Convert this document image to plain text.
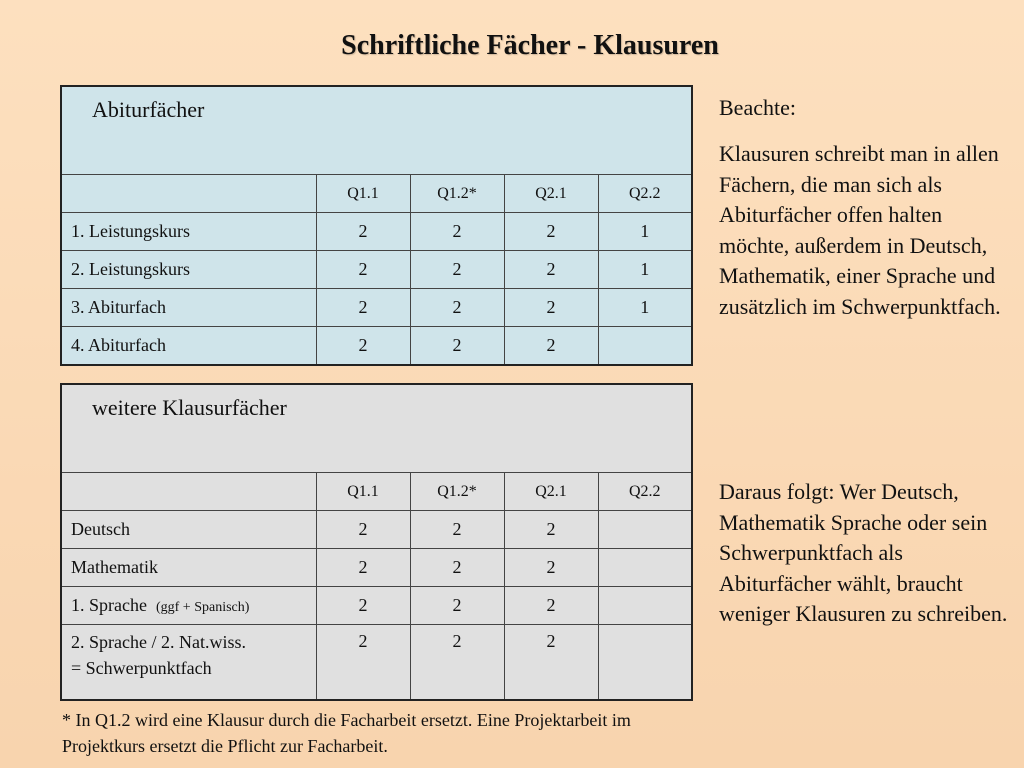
Schriftliche Fächer - Klausuren
Abiturfächer				
	Q1.1	Q1.2*	Q2.1	Q2.2
1. Leistungskurs	2	2	2	1
2. Leistungskurs	2	2	2	1
3. Abiturfach	2	2	2	1
4. Abiturfach	2	2	2	
weitere Klausurfächer				
	Q1.1	Q1.2*	Q2.1	Q2.2
Deutsch	2	2	2	
Mathematik	2	2	2	
1. Sprache (ggf + Spanisch)	2	2	2	
2. Sprache / 2. Nat.wiss.
= Schwerpunktfach	2	2	2	
Beachte:
Klausuren schreibt man in allen Fächern, die man sich als Abiturfächer offen halten möchte, außerdem in Deutsch, Mathematik, einer Sprache und zusätzlich im Schwerpunktfach.
Daraus folgt: Wer Deutsch, Mathematik Sprache oder sein Schwerpunktfach als Abiturfächer wählt, braucht weniger Klausuren zu schreiben.
* In Q1.2 wird eine Klausur durch die Facharbeit ersetzt. Eine Projektarbeit im Projektkurs ersetzt die Pflicht zur Facharbeit.
